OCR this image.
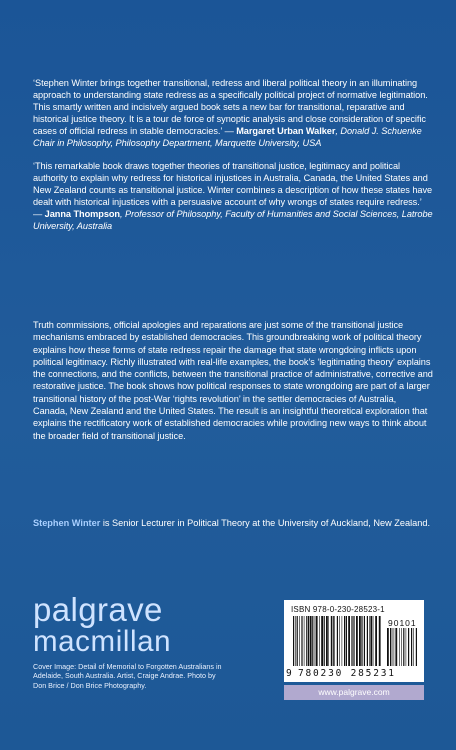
‘Stephen Winter brings together transitional, redress and liberal political theory in an illuminating approach to understanding state redress as a specifically political project of normative legitimation. This smartly written and incisively argued book sets a new bar for transitional, reparative and historical justice theory. It is a tour de force of synoptic analysis and close consideration of specific cases of official redress in stable democracies.’ — Margaret Urban Walker, Donald J. Schuenke Chair in Philosophy, Philosophy Department, Marquette University, USA

‘This remarkable book draws together theories of transitional justice, legitimacy and political authority to explain why redress for historical injustices in Australia, Canada, the United States and New Zealand counts as transitional justice. Winter combines a description of how these states have dealt with historical injustices with a persuasive account of why wrongs of states require redress.’ — Janna Thompson, Professor of Philosophy, Faculty of Humanities and Social Sciences, Latrobe University, Australia

Truth commissions, official apologies and reparations are just some of the transitional justice mechanisms embraced by established democracies. This groundbreaking work of political theory explains how these forms of state redress repair the damage that state wrongdoing inflicts upon political legitimacy. Richly illustrated with real-life examples, the book’s ‘legitimating theory’ explains the connections, and the conflicts, between the transitional practice of administrative, corrective and restorative justice. The book shows how political responses to state wrongdoing are part of a larger transitional history of the post-War ‘rights revolution’ in the settler democracies of Australia, Canada, New Zealand and the United States. The result is an insightful theoretical exploration that explains the rectificatory work of established democracies while providing new ways to think about the broader field of transitional justice.

Stephen Winter is Senior Lecturer in Political Theory at the University of Auckland, New Zealand.

palgrave
macmillan

Cover Image: Detail of Memorial to Forgotten Australians in Adelaide, South Australia. Artist, Craige Andrae. Photo by Don Brice / Don Brice Photography.

ISBN 978-0-230-28523-1
90101
9 780230 285231
www.palgrave.com
